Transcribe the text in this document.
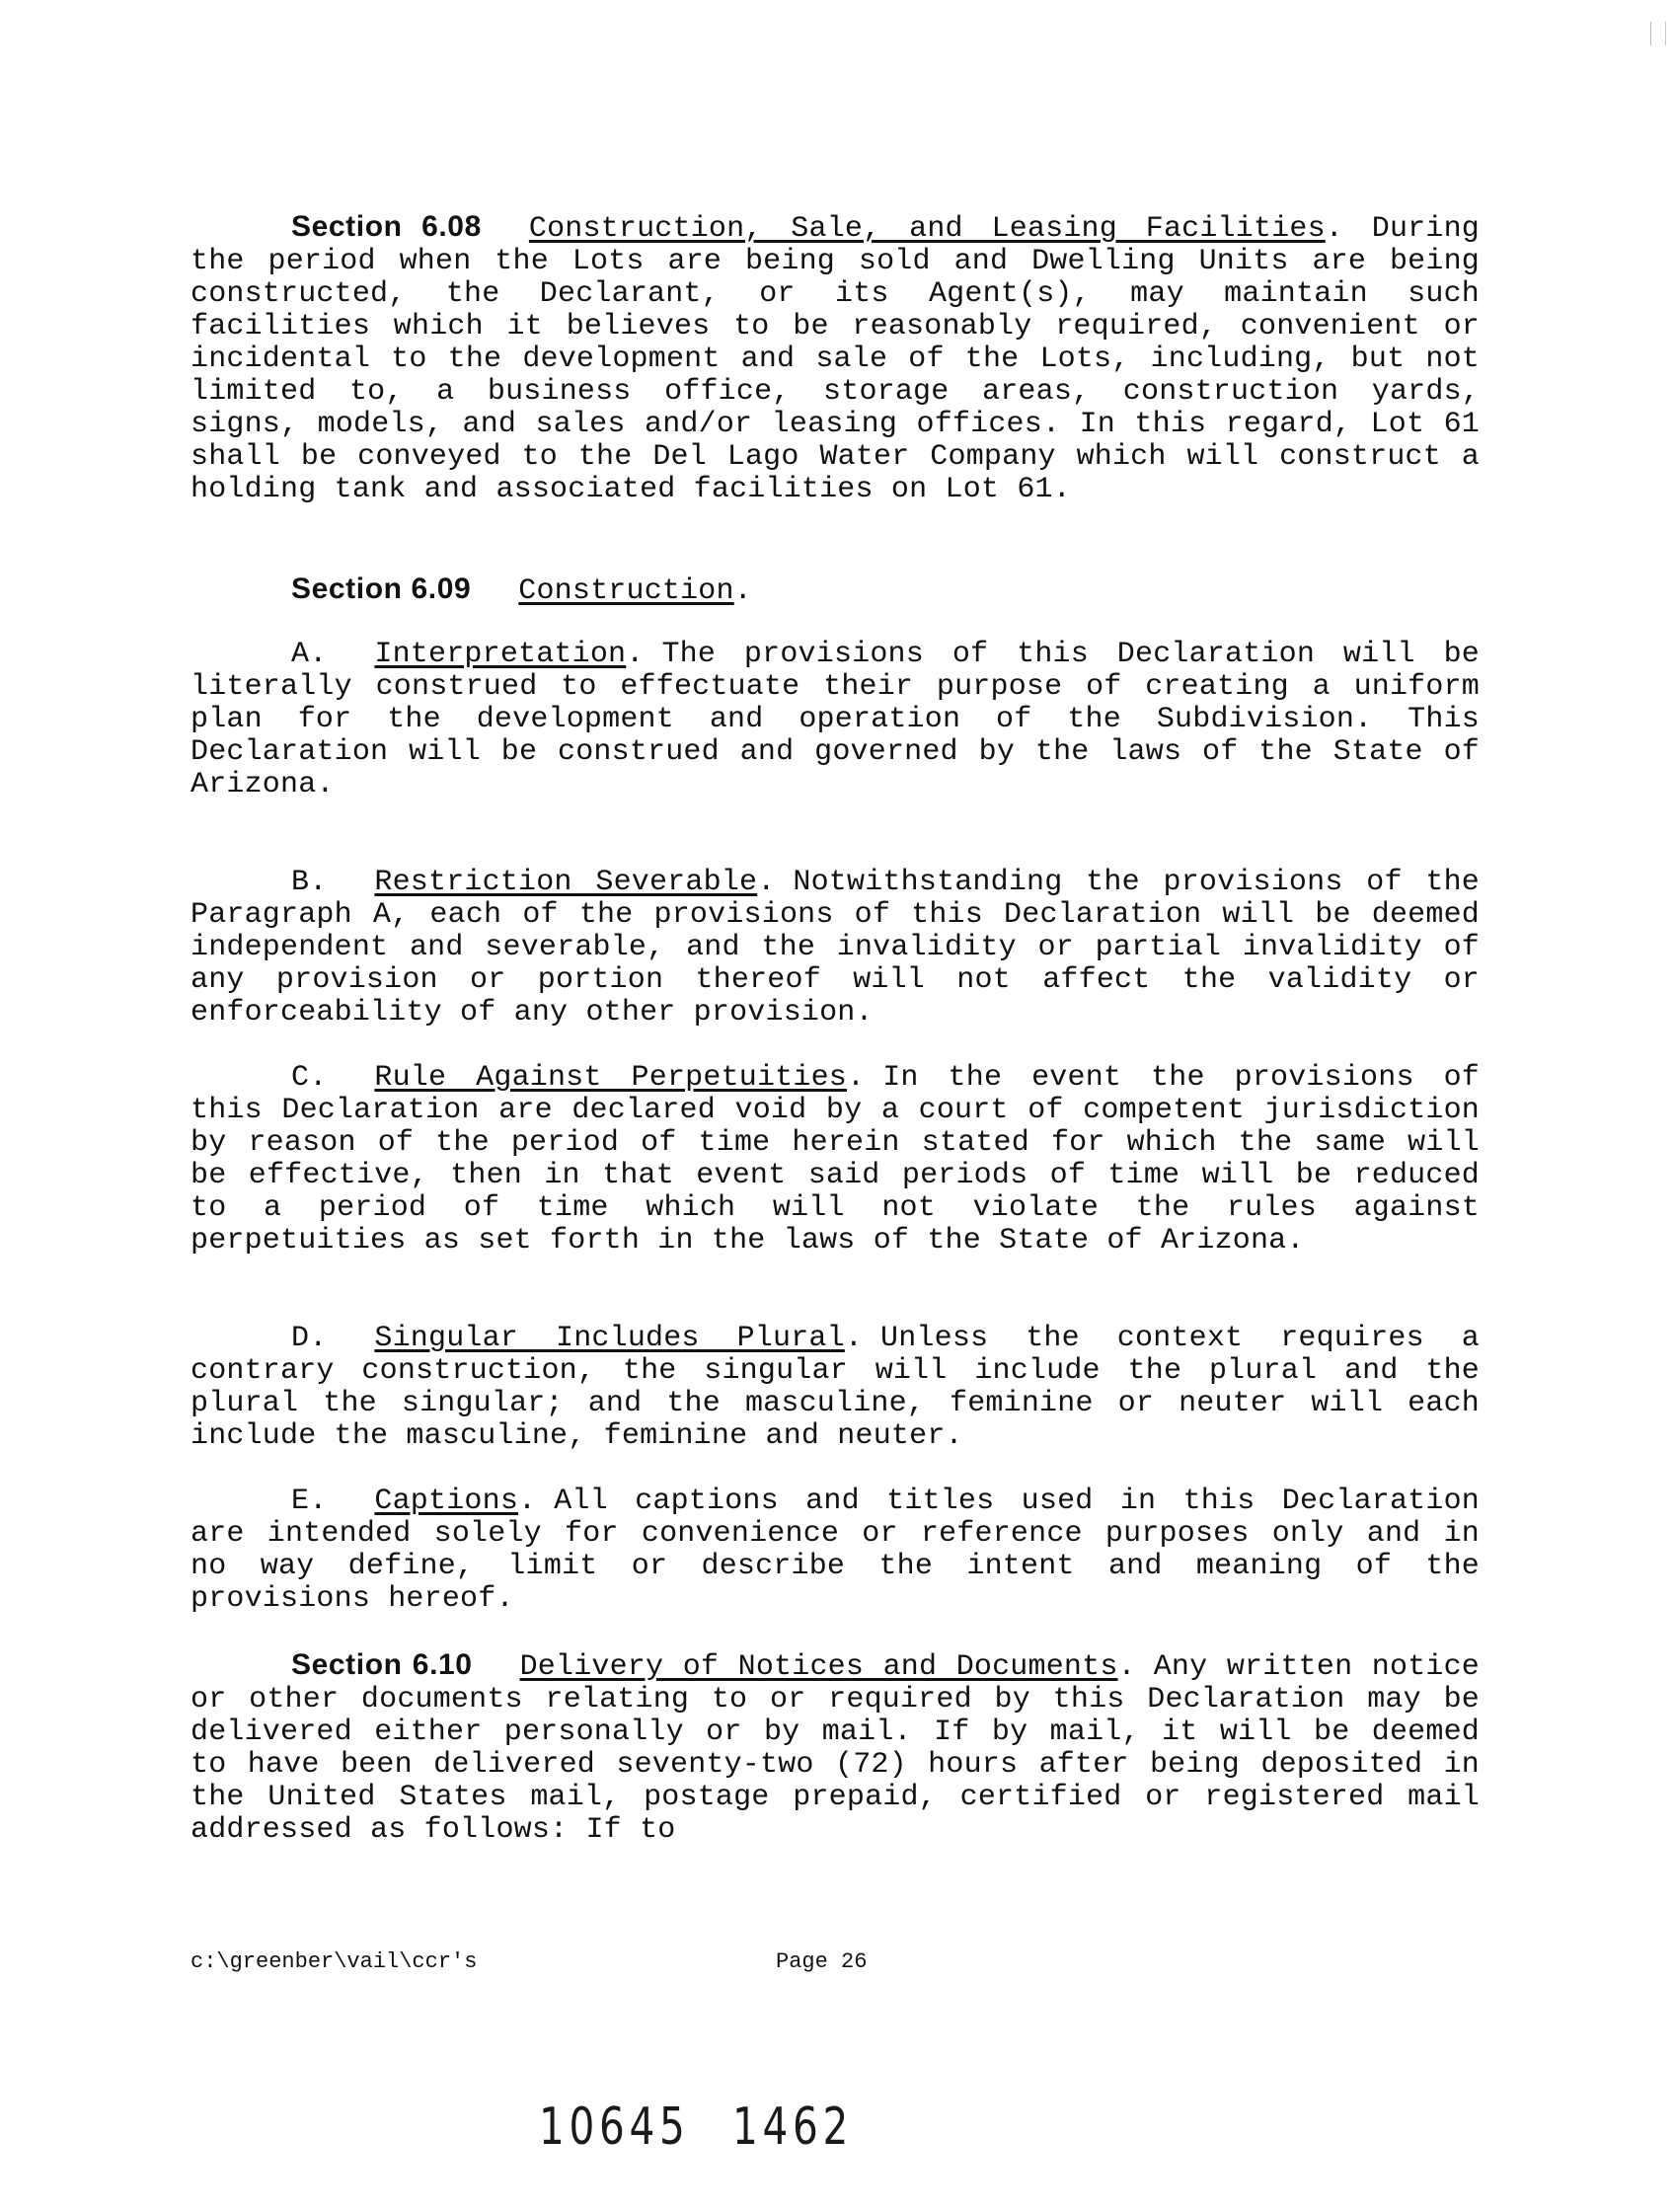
Section 6.08 Construction, Sale, and Leasing Facilities. During the period when the Lots are being sold and Dwelling Units are being constructed, the Declarant, or its Agent(s), may maintain such facilities which it believes to be reasonably required, convenient or incidental to the development and sale of the Lots, including, but not limited to, a business office, storage areas, construction yards, signs, models, and sales and/or leasing offices. In this regard, Lot 61 shall be conveyed to the Del Lago Water Company which will construct a holding tank and associated facilities on Lot 61.

Section 6.09 Construction.

A. Interpretation. The provisions of this Declaration will be literally construed to effectuate their purpose of creating a uniform plan for the development and operation of the Subdivision. This Declaration will be construed and governed by the laws of the State of Arizona.

B. Restriction Severable. Notwithstanding the provisions of the Paragraph A, each of the provisions of this Declaration will be deemed independent and severable, and the invalidity or partial invalidity of any provision or portion thereof will not affect the validity or enforceability of any other provision.

C. Rule Against Perpetuities. In the event the provisions of this Declaration are declared void by a court of competent jurisdiction by reason of the period of time herein stated for which the same will be effective, then in that event said periods of time will be reduced to a period of time which will not violate the rules against perpetuities as set forth in the laws of the State of Arizona.

D. Singular Includes Plural. Unless the context requires a contrary construction, the singular will include the plural and the plural the singular; and the masculine, feminine or neuter will each include the masculine, feminine and neuter.

E. Captions. All captions and titles used in this Declaration are intended solely for convenience or reference purposes only and in no way define, limit or describe the intent and meaning of the provisions hereof.

Section 6.10 Delivery of Notices and Documents. Any written notice or other documents relating to or required by this Declaration may be delivered either personally or by mail. If by mail, it will be deemed to have been delivered seventy-two (72) hours after being deposited in the United States mail, postage prepaid, certified or registered mail addressed as follows: If to

c:\greenber\vail\ccr's	Page 26
10645 1462
